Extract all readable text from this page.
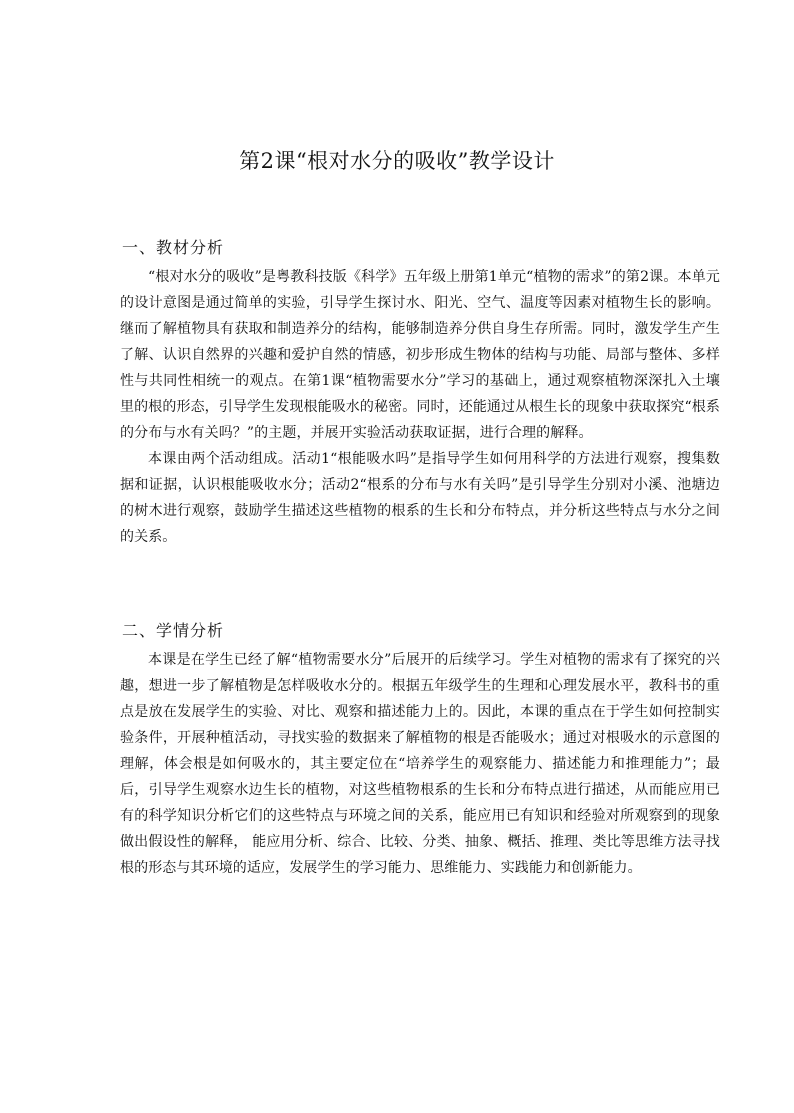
第2课“根对水分的吸收”教学设计
一、教材分析

“根对水分的吸收”是粤教科技版《科学》五年级上册第1单元“植物的需求”的第2课。本单元的设计意图是通过简单的实验，引导学生探讨水、阳光、空气、温度等因素对植物生长的影响。继而了解植物具有获取和制造养分的结构，能够制造养分供自身生存所需。同时，激发学生产生了解、认识自然界的兴趣和爱护自然的情感，初步形成生物体的结构与功能、局部与整体、多样性与共同性相统一的观点。在第1课“植物需要水分”学习的基础上，通过观察植物深深扎入土壤里的根的形态，引导学生发现根能吸水的秘密。同时，还能通过从根生长的现象中获取探究“根系的分布与水有关吗？”的主题，并展开实验活动获取证据，进行合理的解释。

本课由两个活动组成。活动1“根能吸水吗”是指导学生如何用科学的方法进行观察，搜集数据和证据，认识根能吸收水分；活动2“根系的分布与水有关吗”是引导学生分别对小溪、池塘边的树木进行观察，鼓励学生描述这些植物的根系的生长和分布特点，并分析这些特点与水分之间的关系。

二、学情分析

本课是在学生已经了解“植物需要水分”后展开的后续学习。学生对植物的需求有了探究的兴趣，想进一步了解植物是怎样吸收水分的。根据五年级学生的生理和心理发展水平，教科书的重点是放在发展学生的实验、对比、观察和描述能力上的。因此，本课的重点在于学生如何控制实验条件，开展种植活动，寻找实验的数据来了解植物的根是否能吸水；通过对根吸水的示意图的理解，体会根是如何吸水的，其主要定位在“培养学生的观察能力、描述能力和推理能力”；最后，引导学生观察水边生长的植物，对这些植物根系的生长和分布特点进行描述，从而能应用已有的科学知识分析它们的这些特点与环境之间的关系，能应用已有知识和经验对所观察到的现象做出假设性的解释， 能应用分析、综合、比较、分类、抽象、概括、推理、类比等思维方法寻找根的形态与其环境的适应，发展学生的学习能力、思维能力、实践能力和创新能力。
